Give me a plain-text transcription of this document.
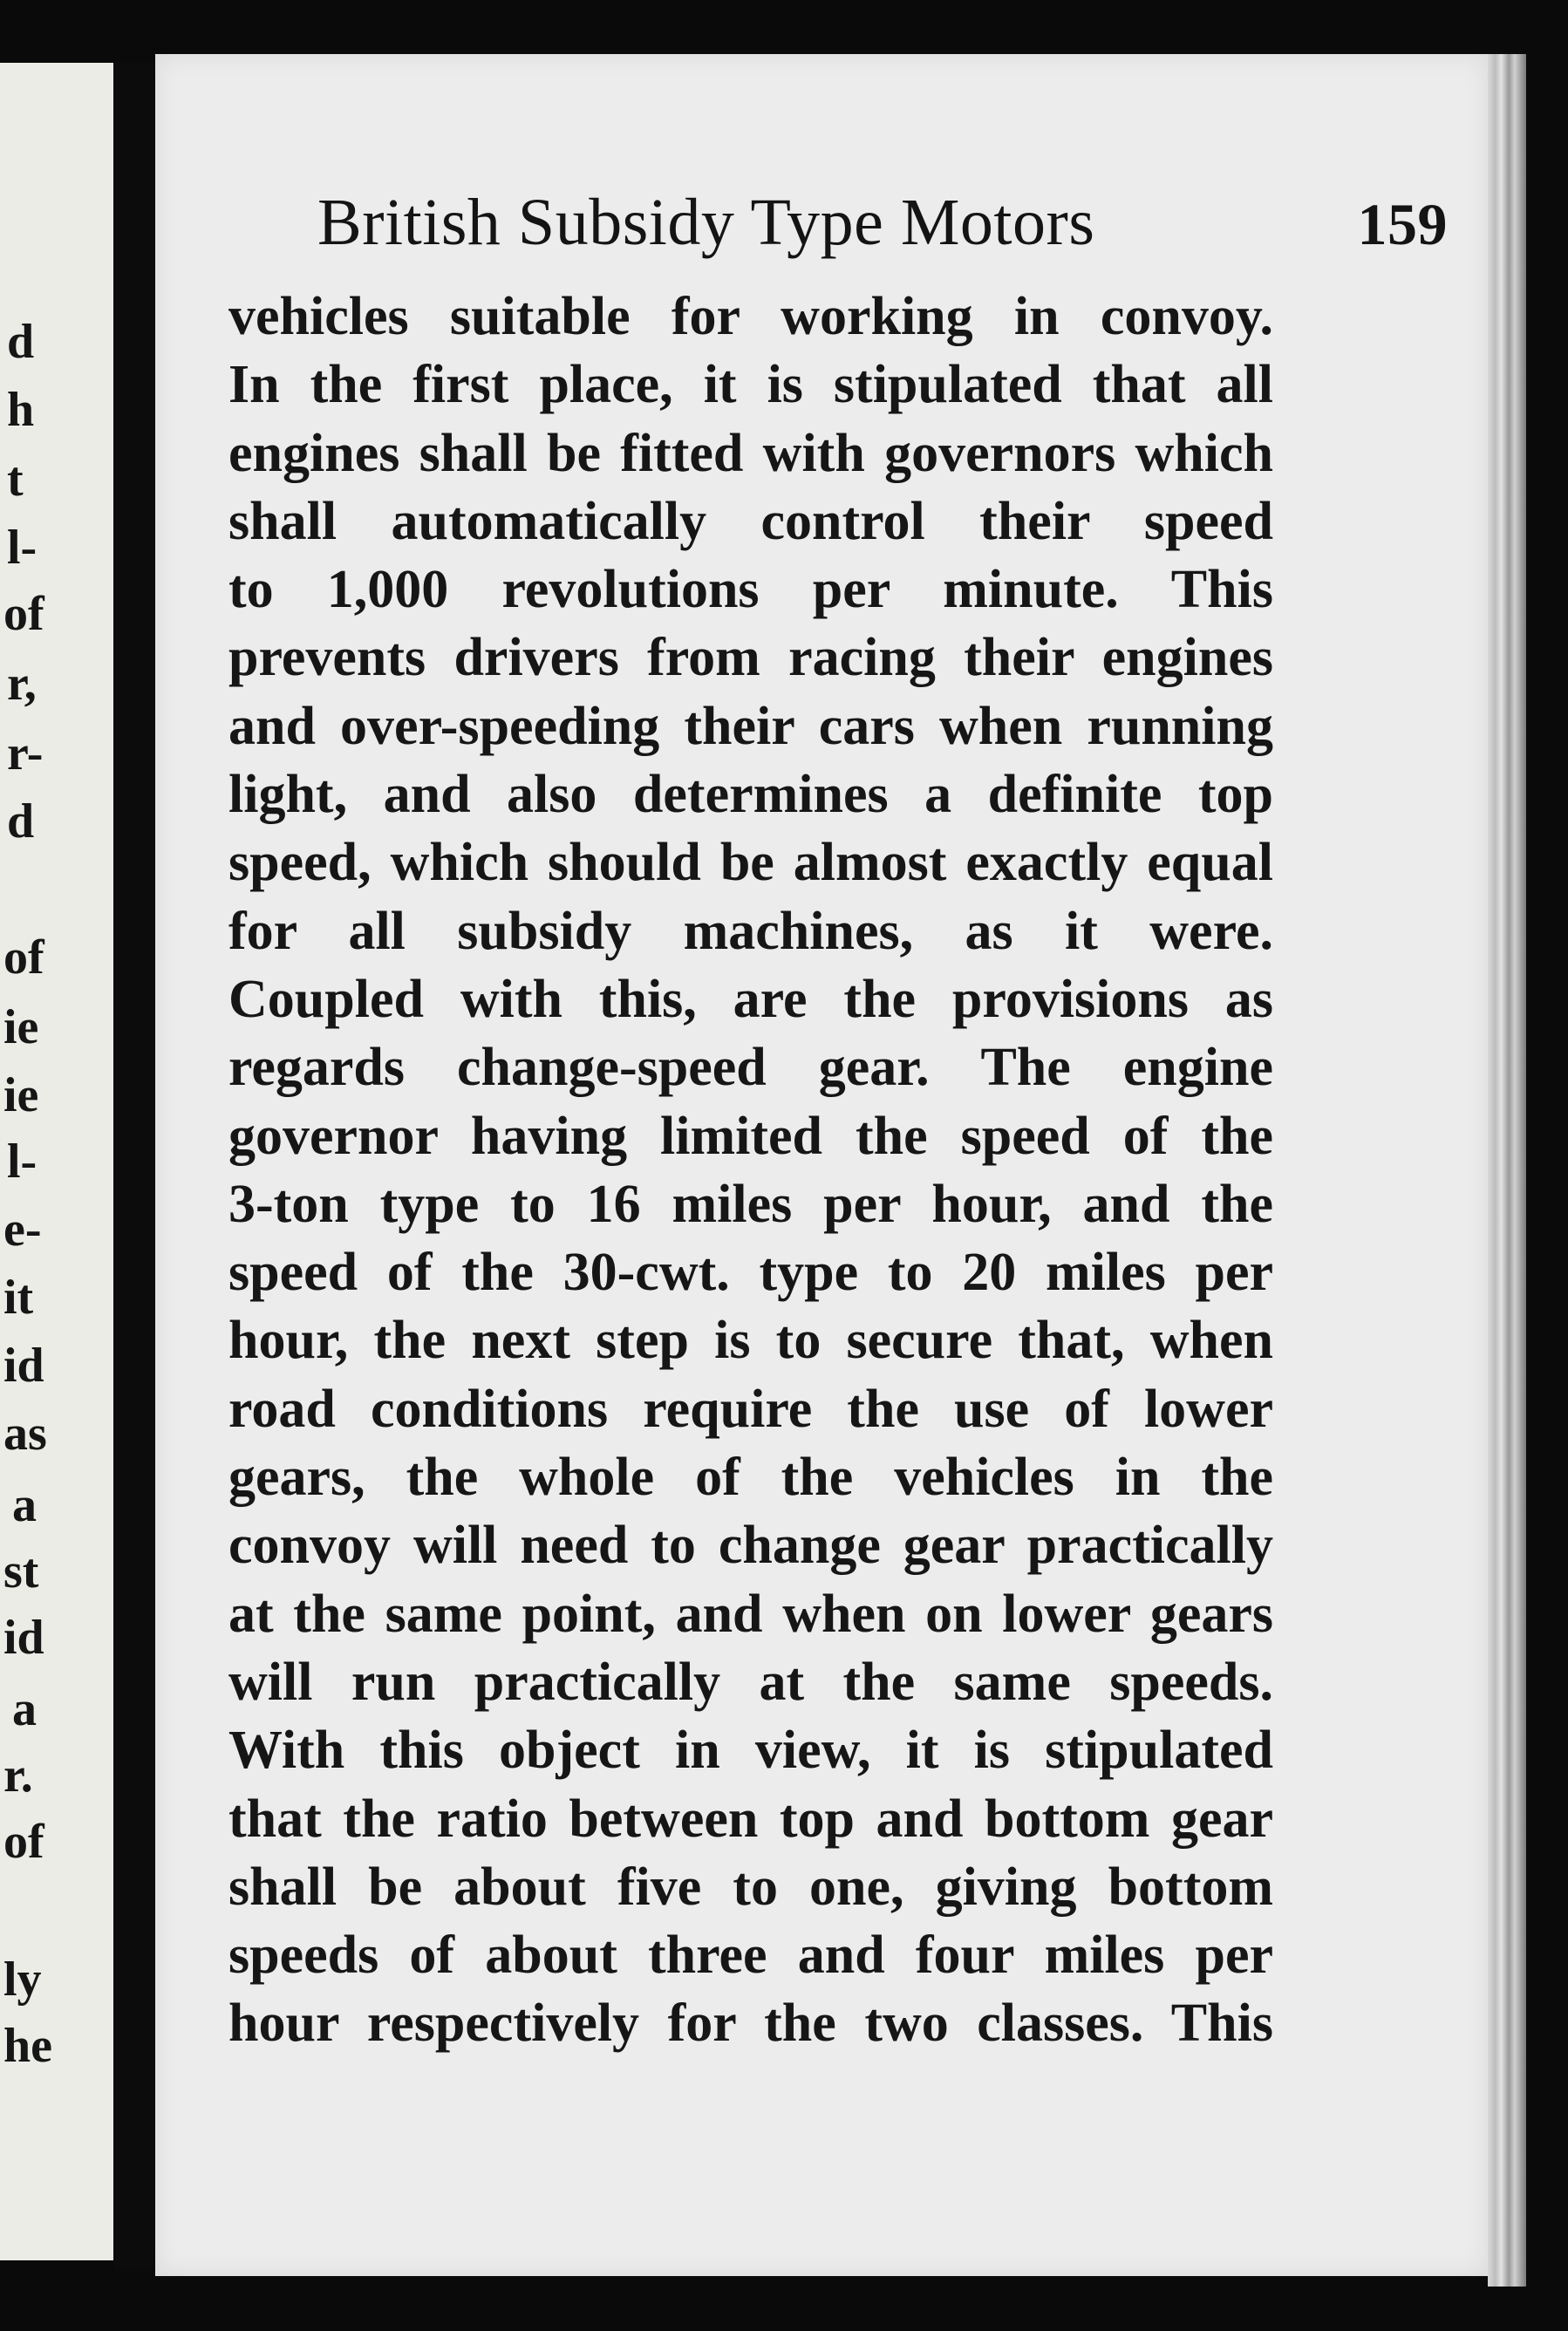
d
h
t
l-
of
r,
r-
d
of
ie
ie
l-
e-
it
id
as
a
st
id
a
r.
of
ly
he
British Subsidy Type Motors	159
vehicles suitable for working in convoy.
In the first place, it is stipulated that all
engines shall be fitted with governors which
shall automatically control their speed
to 1,000 revolutions per minute. This
prevents drivers from racing their engines
and over-speeding their cars when running
light, and also determines a definite top
speed, which should be almost exactly equal
for all subsidy machines, as it were.
Coupled with this, are the provisions as
regards change-speed gear. The engine
governor having limited the speed of the
3-ton type to 16 miles per hour, and the
speed of the 30-cwt. type to 20 miles per
hour, the next step is to secure that, when
road conditions require the use of lower
gears, the whole of the vehicles in the
convoy will need to change gear practically
at the same point, and when on lower gears
will run practically at the same speeds.
With this object in view, it is stipulated
that the ratio between top and bottom gear
shall be about five to one, giving bottom
speeds of about three and four miles per
hour respectively for the two classes. This
